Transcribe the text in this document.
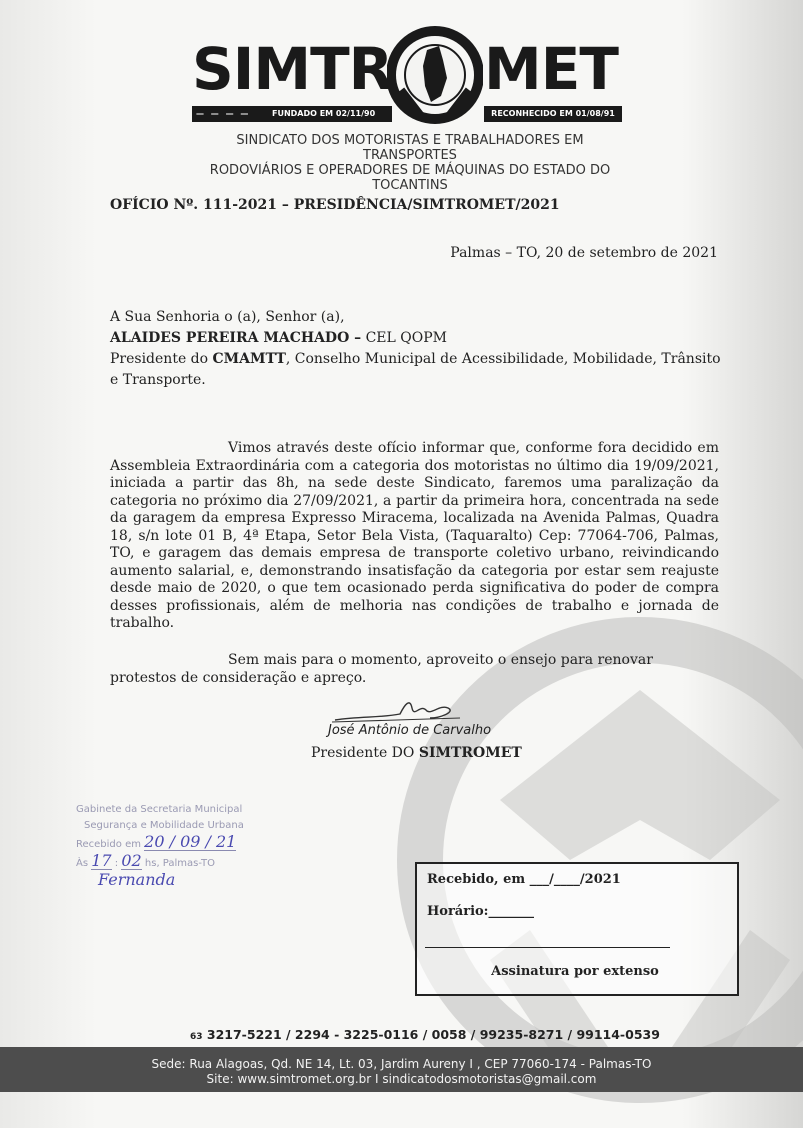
SIMTR MET
— — — —	FUNDADO EM 02/11/90	RECONHECIDO EM 01/08/91
SINDICATO DOS MOTORISTAS E TRABALHADORES EM TRANSPORTES
RODOVIÁRIOS E OPERADORES DE MÁQUINAS DO ESTADO DO TOCANTINS
OFÍCIO Nº. 111-2021 – PRESIDÊNCIA/SIMTROMET/2021
Palmas – TO, 20 de setembro de 2021
A Sua Senhoria o (a), Senhor (a),
ALAIDES PEREIRA MACHADO – CEL QOPM
Presidente do CMAMTT, Conselho Municipal de Acessibilidade, Mobilidade, Trânsito e Transporte.
Vimos através deste ofício informar que, conforme fora decidido em Assembleia Extraordinária com a categoria dos motoristas no último dia 19/09/2021, iniciada a partir das 8h, na sede deste Sindicato, faremos uma paralização da categoria no próximo dia 27/09/2021, a partir da primeira hora, concentrada na sede da garagem da empresa Expresso Miracema, localizada na Avenida Palmas, Quadra 18, s/n lote 01 B, 4ª Etapa, Setor Bela Vista, (Taquaralto) Cep: 77064-706, Palmas, TO, e garagem das demais empresa de transporte coletivo urbano, reivindicando aumento salarial, e, demonstrando insatisfação da categoria por estar sem reajuste desde maio de 2020, o que tem ocasionado perda significativa do poder de compra desses profissionais, além de melhoria nas condições de trabalho e jornada de trabalho.
Sem mais para o momento, aproveito o ensejo para renovar protestos de consideração e apreço.
José Antônio de Carvalho
Presidente DO SIMTROMET
Gabinete da Secretaria Municipal
Segurança e Mobilidade Urbana
Recebido em 20 / 09 / 21
Às 17 : 02 hs, Palmas-TO
Fernanda	Recebido, em ___/____/2021
Horário:_______
Assinatura por extenso
63 3217-5221 / 2294 - 3225-0116 / 0058 / 99235-8271 / 99114-0539
Sede: Rua Alagoas, Qd. NE 14, Lt. 03, Jardim Aureny I , CEP 77060-174 - Palmas-TO
Site: www.simtromet.org.br I sindicatodosmotoristas@gmail.com
